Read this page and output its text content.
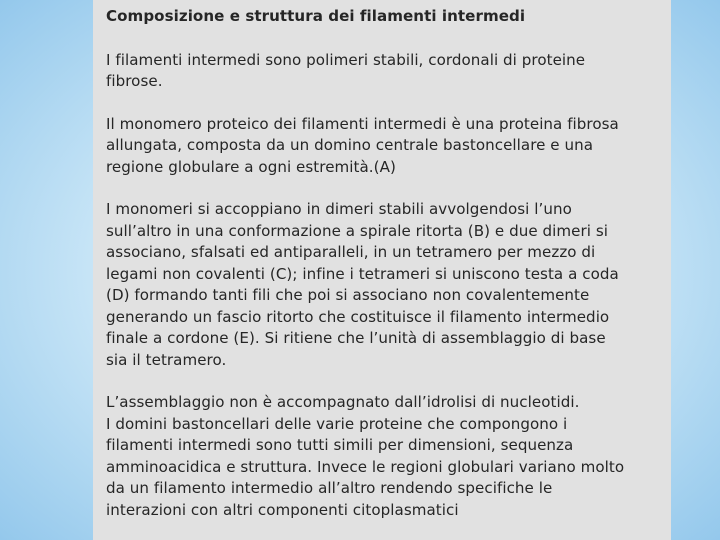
Composizione e struttura dei filamenti intermedi

I filamenti intermedi sono polimeri stabili, cordonali di proteine

fibrose.

Il monomero proteico dei filamenti intermedi è una proteina fibrosa

allungata, composta da un domino centrale bastoncellare e una

regione globulare a ogni estremità.(A)

I monomeri si accoppiano in dimeri stabili avvolgendosi l’uno

sull’altro in una conformazione a spirale ritorta (B) e due dimeri si

associano, sfalsati ed antiparalleli, in un tetramero per mezzo di

legami non covalenti (C); infine i tetrameri si uniscono testa a coda

(D) formando tanti fili che poi si associano non covalentemente

generando un fascio ritorto che costituisce il filamento intermedio

finale a cordone (E). Si ritiene che l’unità di assemblaggio di base

sia il tetramero.

L’assemblaggio non è accompagnato dall’idrolisi di nucleotidi.

I domini bastoncellari delle varie proteine che compongono i

filamenti intermedi sono tutti simili per dimensioni, sequenza

amminoacidica e struttura. Invece le regioni globulari variano molto

da un filamento intermedio all’altro rendendo specifiche le

interazioni con altri componenti citoplasmatici
